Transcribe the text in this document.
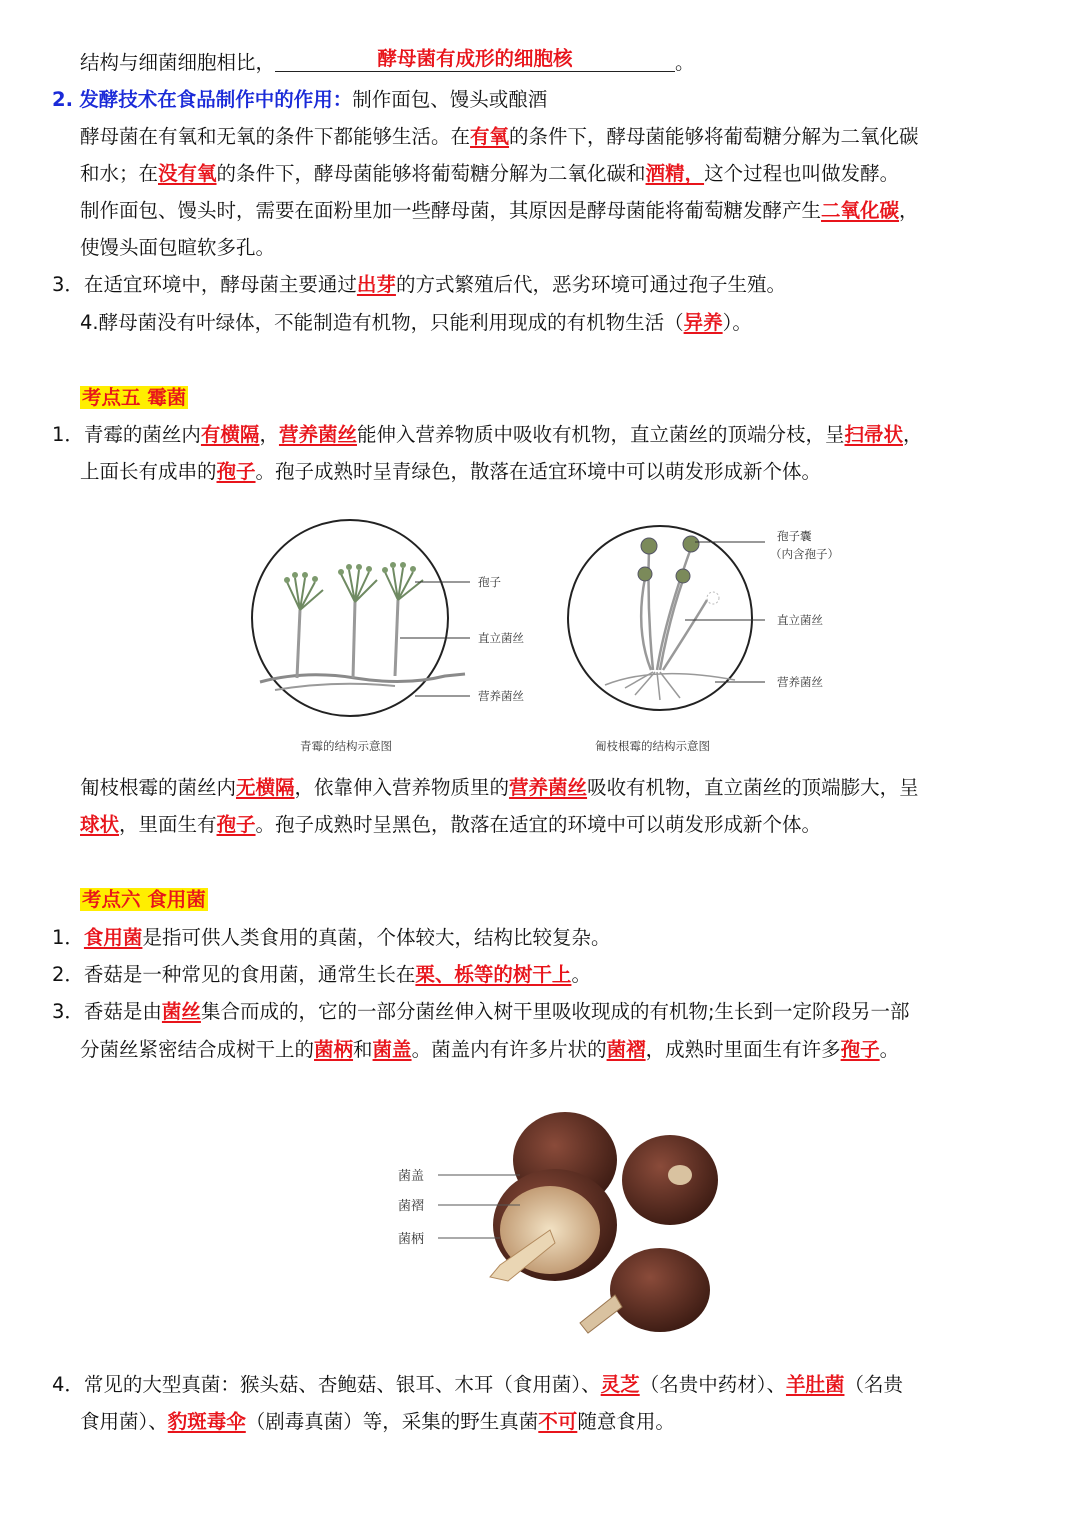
结构与细菌细胞相比，	酵母菌有成形的细胞核	。
2. 发酵技术在食品制作中的作用：制作面包、馒头或酿酒
酵母菌在有氧和无氧的条件下都能够生活。在有氧的条件下，酵母菌能够将葡萄糖分解为二氧化碳
和水；在没有氧的条件下，酵母菌能够将葡萄糖分解为二氧化碳和酒精，这个过程也叫做发酵。
制作面包、馒头时，需要在面粉里加一些酵母菌，其原因是酵母菌能将葡萄糖发酵产生二氧化碳，
使馒头面包暄软多孔。
3．在适宜环境中，酵母菌主要通过出芽的方式繁殖后代，恶劣环境可通过孢子生殖。
4.酵母菌没有叶绿体，不能制造有机物，只能利用现成的有机物生活（异养）。
考点五 霉菌
1．青霉的菌丝内有横隔，营养菌丝能伸入营养物质中吸收有机物，直立菌丝的顶端分枝，呈扫帚状，
上面长有成串的孢子。孢子成熟时呈青绿色，散落在适宜环境中可以萌发形成新个体。
孢子
直立菌丝
营养菌丝
青霉的结构示意图
孢子囊
（内含孢子）
直立菌丝
营养菌丝
匍枝根霉的结构示意图
匍枝根霉的菌丝内无横隔，依靠伸入营养物质里的营养菌丝吸收有机物，直立菌丝的顶端膨大，呈
球状，里面生有孢子。孢子成熟时呈黑色，散落在适宜的环境中可以萌发形成新个体。
考点六 食用菌
1．食用菌是指可供人类食用的真菌，个体较大，结构比较复杂。
2．香菇是一种常见的食用菌，通常生长在栗、栎等的树干上。
3．香菇是由菌丝集合而成的，它的一部分菌丝伸入树干里吸收现成的有机物;生长到一定阶段另一部
分菌丝紧密结合成树干上的菌柄和菌盖。菌盖内有许多片状的菌褶，成熟时里面生有许多孢子。
菌盖
菌褶
菌柄
4．常见的大型真菌：猴头菇、杏鲍菇、银耳、木耳（食用菌）、灵芝（名贵中药材）、羊肚菌（名贵
食用菌）、豹斑毒伞（剧毒真菌）等，采集的野生真菌不可随意食用。
